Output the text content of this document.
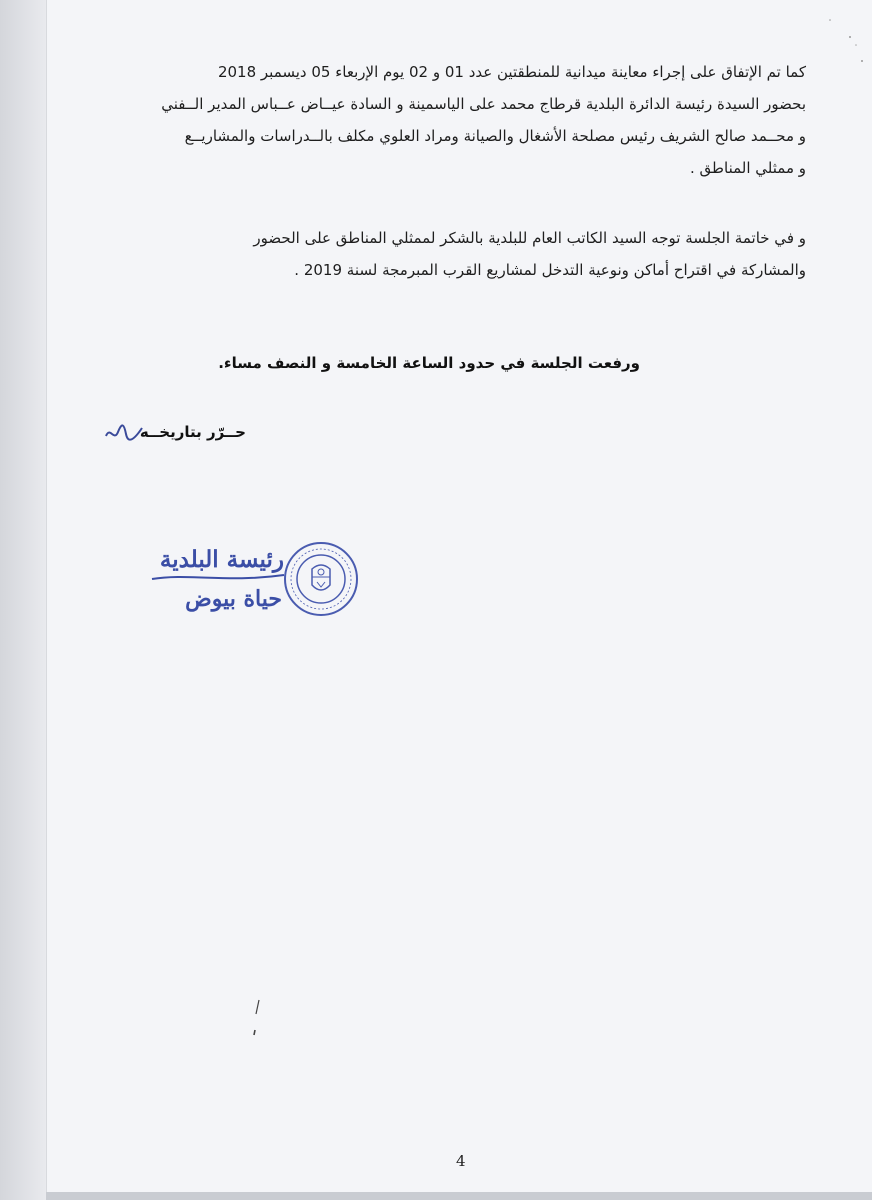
كما تم الإتفاق على إجراء معاينة ميدانية للمنطقتين عدد 01 و 02 يوم الإربعاء 05 ديسمبر 2018
بحضور السيدة رئيسة الدائرة البلدية قرطاج محمد على الياسمينة و السادة عيــاض عــباس المدير الــفني
و محــمد صالح الشريف رئيس مصلحة الأشغال والصيانة ومراد العلوي مكلف بالــدراسات والمشاريــع
و ممثلي المناطق .
و في خاتمة الجلسة توجه السيد الكاتب العام للبلدية بالشكر لممثلي المناطق على الحضور
والمشاركة في اقتراح أماكن ونوعية التدخل لمشاريع القرب المبرمجة لسنة 2019 .
ورفعت الجلسة في حدود الساعة الخامسة و النصف مساء.
حــرّر بتاريخــه
رئيسة البلدية
حياة بيوض
4
